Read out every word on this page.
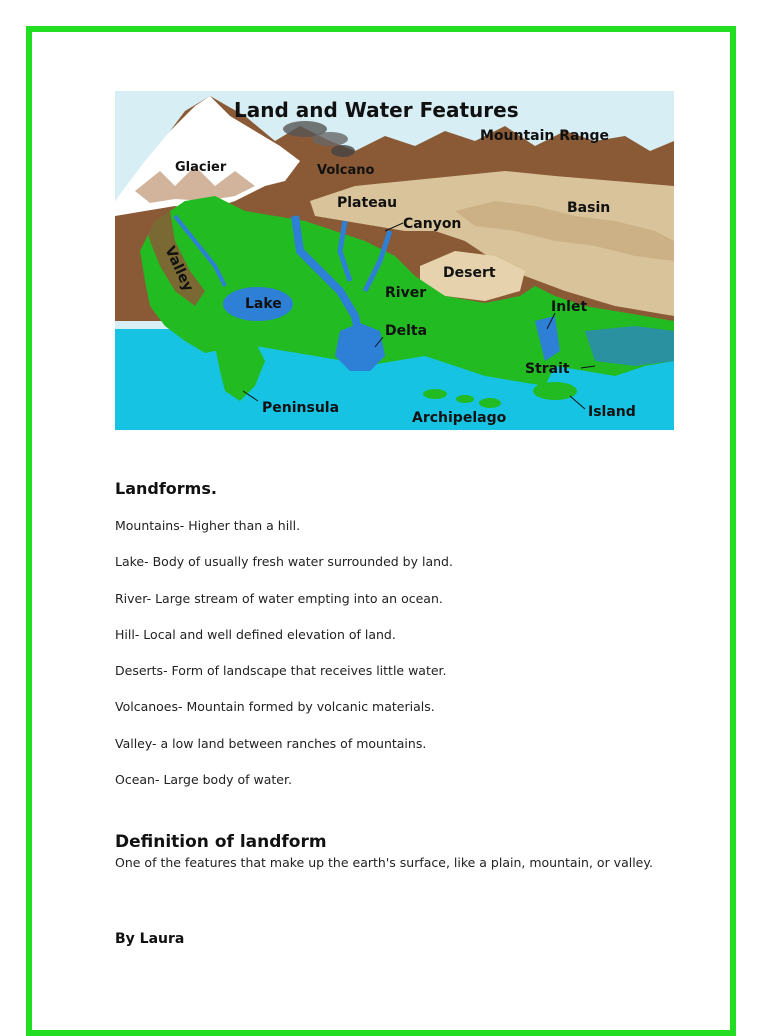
Land and Water Features
Mountain Range
Glacier	Volcano
Plateau
Canyon
Basin
Valley	Desert
Lake
River
Inlet
Delta
Strait
Peninsula
Archipelago	Island
Landforms.
Mountains- Higher than a hill.
Lake- Body of usually fresh water surrounded by land.
River- Large stream of water empting into an ocean.
Hill- Local and well defined elevation of land.
Deserts- Form of landscape that receives little water.
Volcanoes- Mountain formed by volcanic materials.
Valley- a low land between ranches of mountains.
Ocean- Large body of water.
Definition of landform

One of the features that make up the earth's surface, like a plain, mountain, or valley.

By Laura
